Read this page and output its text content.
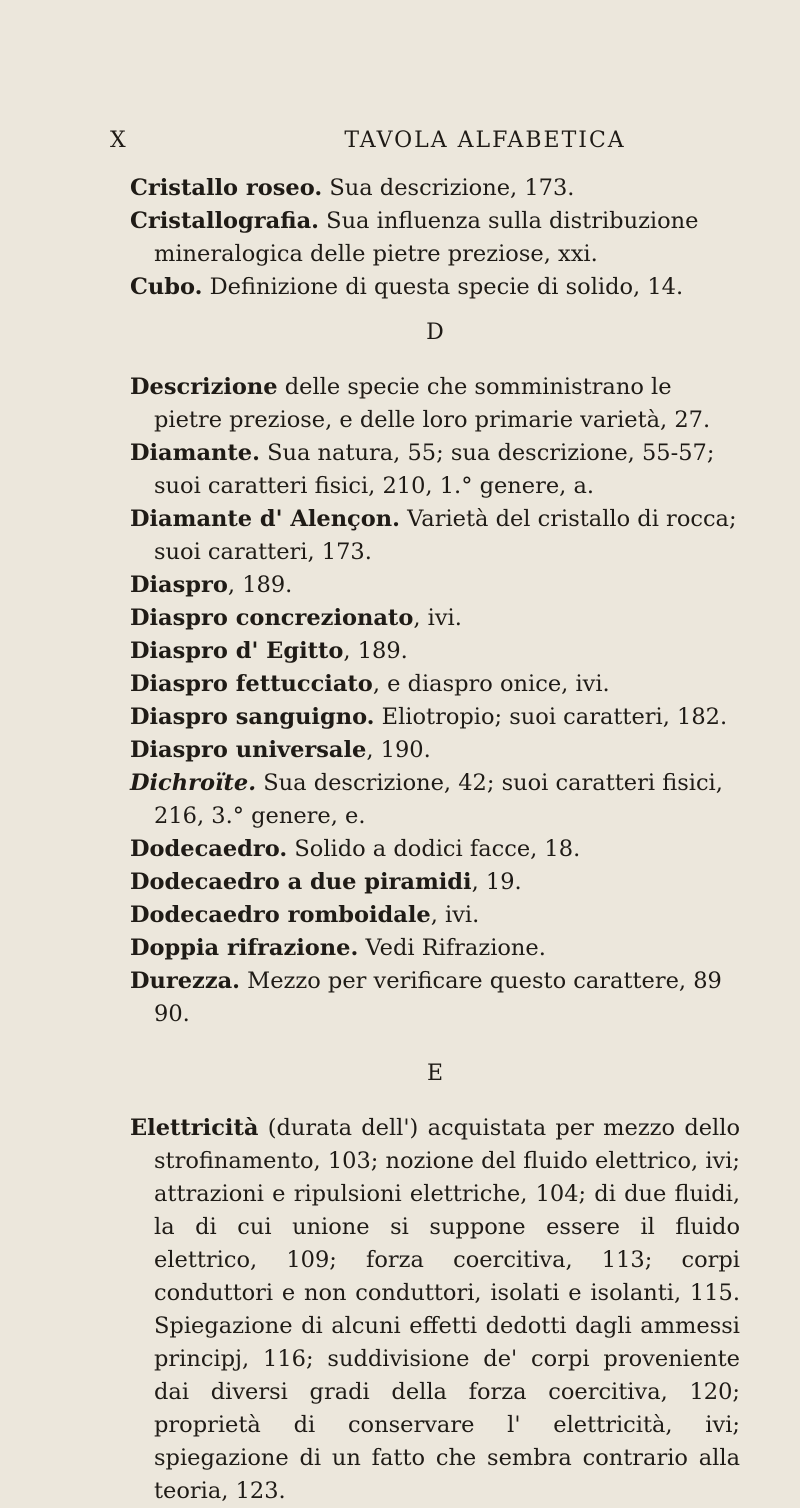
X	TAVOLA ALFABETICA

Cristallo roseo. Sua descrizione, 173.

Cristallografia. Sua influenza sulla distribuzione mineralogica delle pietre preziose, xxi.

Cubo. Definizione di questa specie di solido, 14.

D

Descrizione delle specie che somministrano le pietre preziose, e delle loro primarie varietà, 27.

Diamante. Sua natura, 55; sua descrizione, 55-57; suoi caratteri fisici, 210, 1.° genere, a.

Diamante d' Alençon. Varietà del cristallo di rocca; suoi caratteri, 173.

Diaspro, 189.

Diaspro concrezionato, ivi.

Diaspro d' Egitto, 189.

Diaspro fettucciato, e diaspro onice, ivi.

Diaspro sanguigno. Eliotropio; suoi caratteri, 182.

Diaspro universale, 190.

Dichroïte. Sua descrizione, 42; suoi caratteri fisici, 216, 3.° genere, e.

Dodecaedro. Solido a dodici facce, 18.

Dodecaedro a due piramidi, 19.

Dodecaedro romboidale, ivi.

Doppia rifrazione. Vedi Rifrazione.

Durezza. Mezzo per verificare questo carattere, 89 90.

E

Elettricità (durata dell') acquistata per mezzo dello strofinamento, 103; nozione del fluido elettrico, ivi; attrazioni e ripulsioni elettriche, 104; di due fluidi, la di cui unione si suppone essere il fluido elettrico, 109; forza coercitiva, 113; corpi conduttori e non conduttori, isolati e isolanti, 115. Spiegazione di alcuni effetti dedotti dagli ammessi principj, 116; suddivisione de' corpi proveniente dai diversi gradi della forza coercitiva, 120; proprietà di conservare l' elettricità, ivi; spiegazione di un fatto che sembra contrario alla teoria, 123.
